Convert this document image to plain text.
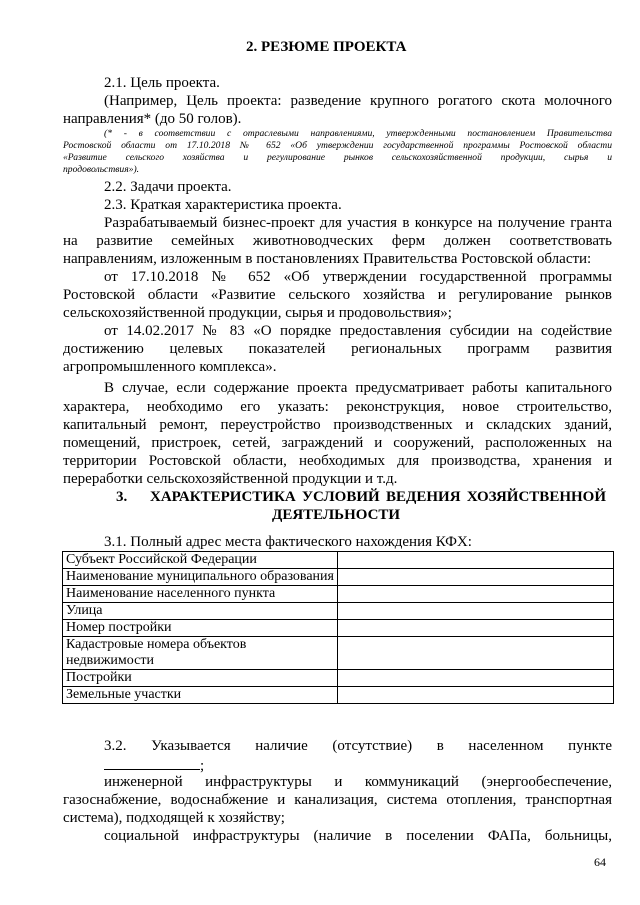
2. РЕЗЮМЕ ПРОЕКТА
2.1. Цель проекта.
(Например, Цель проекта: разведение крупного рогатого скота молочного
направления* (до 50 голов).
(* - в соответствии с отраслевыми направлениями, утвержденными постановлением Правительства
Ростовской области от 17.10.2018 № 652 «Об утверждении государственной программы Ростовской области
«Развитие сельского хозяйства и регулирование рынков сельскохозяйственной продукции, сырья и
продовольствия»).
2.2. Задачи проекта.
2.3. Краткая характеристика проекта.
Разрабатываемый бизнес-проект для участия в конкурсе на получение гранта
на развитие семейных животноводческих ферм должен соответствовать
направлениям, изложенным в постановлениях Правительства Ростовской области:
от 17.10.2018 № 652 «Об утверждении государственной программы
Ростовской области «Развитие сельского хозяйства и регулирование рынков
сельскохозяйственной продукции, сырья и продовольствия»;
от 14.02.2017 № 83 «О порядке предоставления субсидии на содействие
достижению целевых показателей региональных программ развития
агропромышленного комплекса».
В случае, если содержание проекта предусматривает работы капитального
характера, необходимо его указать: реконструкция, новое строительство,
капитальный ремонт, переустройство производственных и складских зданий,
помещений, пристроек, сетей, заграждений и сооружений, расположенных на
территории Ростовской области, необходимых для производства, хранения и
переработки сельскохозяйственной продукции и т.д.
3. ХАРАКТЕРИСТИКА УСЛОВИЙ ВЕДЕНИЯ ХОЗЯЙСТВЕННОЙ
ДЕЯТЕЛЬНОСТИ
3.1. Полный адрес места фактического нахождения КФХ:
Субъект Российской Федерации	
Наименование муниципального образования	
Наименование населенного пункта	
Улица	
Номер постройки	
Кадастровые номера объектов недвижимости	
Постройки	
Земельные участки	
3.2. Указывается наличие (отсутствие) в населенном пункте
;
инженерной инфраструктуры и коммуникаций (энергообеспечение,
газоснабжение, водоснабжение и канализация, система отопления, транспортная
система), подходящей к хозяйству;
социальной инфраструктуры (наличие в поселении ФАПа, больницы,
64
